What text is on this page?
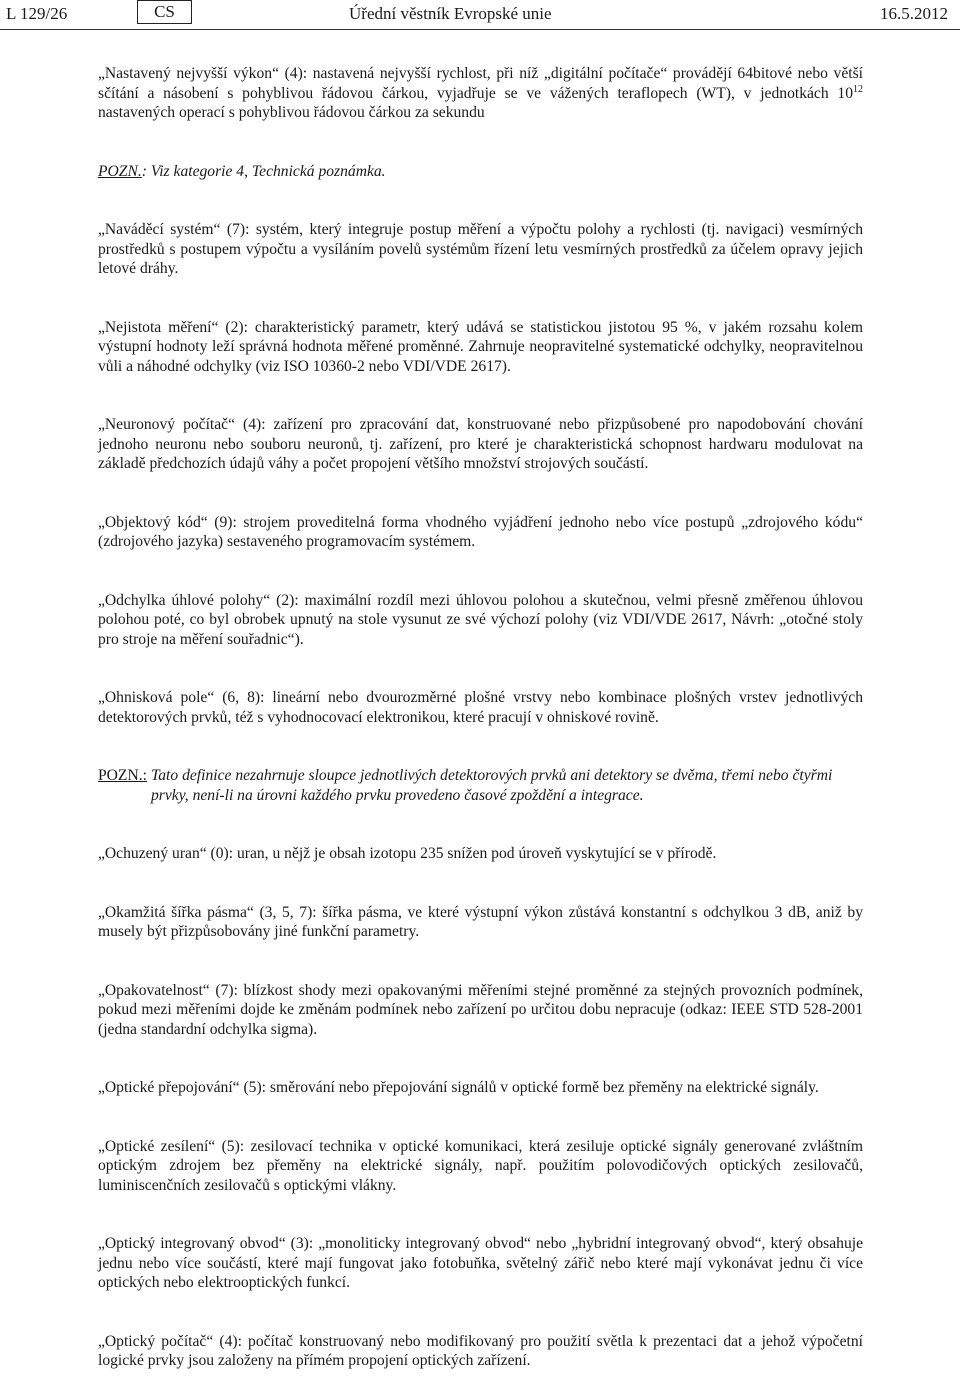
L 129/26	CS	Úřední věstník Evropské unie	16.5.2012

„Nastavený nejvyšší výkon“ (4): nastavená nejvyšší rychlost, při níž „digitální počítače“ provádějí 64bitové nebo větší sčítání a násobení s pohyblivou řádovou čárkou, vyjadřuje se ve vážených teraflopech (WT), v jednotkách $10^{12}$ nastavených operací s pohyblivou řádovou čárkou za sekundu

POZN.: Viz kategorie 4, Technická poznámka.

„Naváděcí systém“ (7): systém, který integruje postup měření a výpočtu polohy a rychlosti (tj. navigaci) vesmírných prostředků s postupem výpočtu a vysíláním povelů systémům řízení letu vesmírných prostředků za účelem opravy jejich letové dráhy.

„Nejistota měření“ (2): charakteristický parametr, který udává se statistickou jistotou 95 %, v jakém rozsahu kolem výstupní hodnoty leží správná hodnota měřené proměnné. Zahrnuje neopravitelné systematické odchylky, neopravitelnou vůli a náhodné odchylky (viz ISO 10360-2 nebo VDI/VDE 2617).

„Neuronový počítač“ (4): zařízení pro zpracování dat, konstruované nebo přizpůsobené pro napodobování chování jednoho neuronu nebo souboru neuronů, tj. zařízení, pro které je charakteristická schopnost hardwaru modulovat na základě předchozích údajů váhy a počet propojení většího množství strojových součástí.

„Objektový kód“ (9): strojem proveditelná forma vhodného vyjádření jednoho nebo více postupů „zdrojového kódu“ (zdrojového jazyka) sestaveného programovacím systémem.

„Odchylka úhlové polohy“ (2): maximální rozdíl mezi úhlovou polohou a skutečnou, velmi přesně změřenou úhlovou polohou poté, co byl obrobek upnutý na stole vysunut ze své výchozí polohy (viz VDI/VDE 2617, Návrh: „otočné stoly pro stroje na měření souřadnic“).

„Ohnisková pole“ (6, 8): lineární nebo dvourozměrné plošné vrstvy nebo kombinace plošných vrstev jednotlivých detektorových prvků, též s vyhodnocovací elektronikou, které pracují v ohniskové rovině.

POZN.: Tato definice nezahrnuje sloupce jednotlivých detektorových prvků ani detektory se dvěma, třemi nebo čtyřmi prvky, není-li na úrovni každého prvku provedeno časové zpoždění a integrace.

„Ochuzený uran“ (0): uran, u nějž je obsah izotopu 235 snížen pod úroveň vyskytující se v přírodě.

„Okamžitá šířka pásma“ (3, 5, 7): šířka pásma, ve které výstupní výkon zůstává konstantní s odchylkou 3 dB, aniž by musely být přizpůsobovány jiné funkční parametry.

„Opakovatelnost“ (7): blízkost shody mezi opakovanými měřeními stejné proměnné za stejných provozních podmínek, pokud mezi měřeními dojde ke změnám podmínek nebo zařízení po určitou dobu nepracuje (odkaz: IEEE STD 528-2001 (jedna standardní odchylka sigma).

„Optické přepojování“ (5): směrování nebo přepojování signálů v optické formě bez přeměny na elektrické signály.

„Optické zesílení“ (5): zesilovací technika v optické komunikaci, která zesiluje optické signály generované zvláštním optickým zdrojem bez přeměny na elektrické signály, např. použitím polovodičových optických zesilovačů, luminiscenčních zesilovačů s optickými vlákny.

„Optický integrovaný obvod“ (3): „monoliticky integrovaný obvod“ nebo „hybridní integrovaný obvod“, který obsahuje jednu nebo více součástí, které mají fungovat jako fotobuňka, světelný zářič nebo které mají vykonávat jednu či více optických nebo elektrooptických funkcí.

„Optický počítač“ (4): počítač konstruovaný nebo modifikovaný pro použití světla k prezentaci dat a jehož výpočetní logické prvky jsou založeny na přímém propojení optických zařízení.
